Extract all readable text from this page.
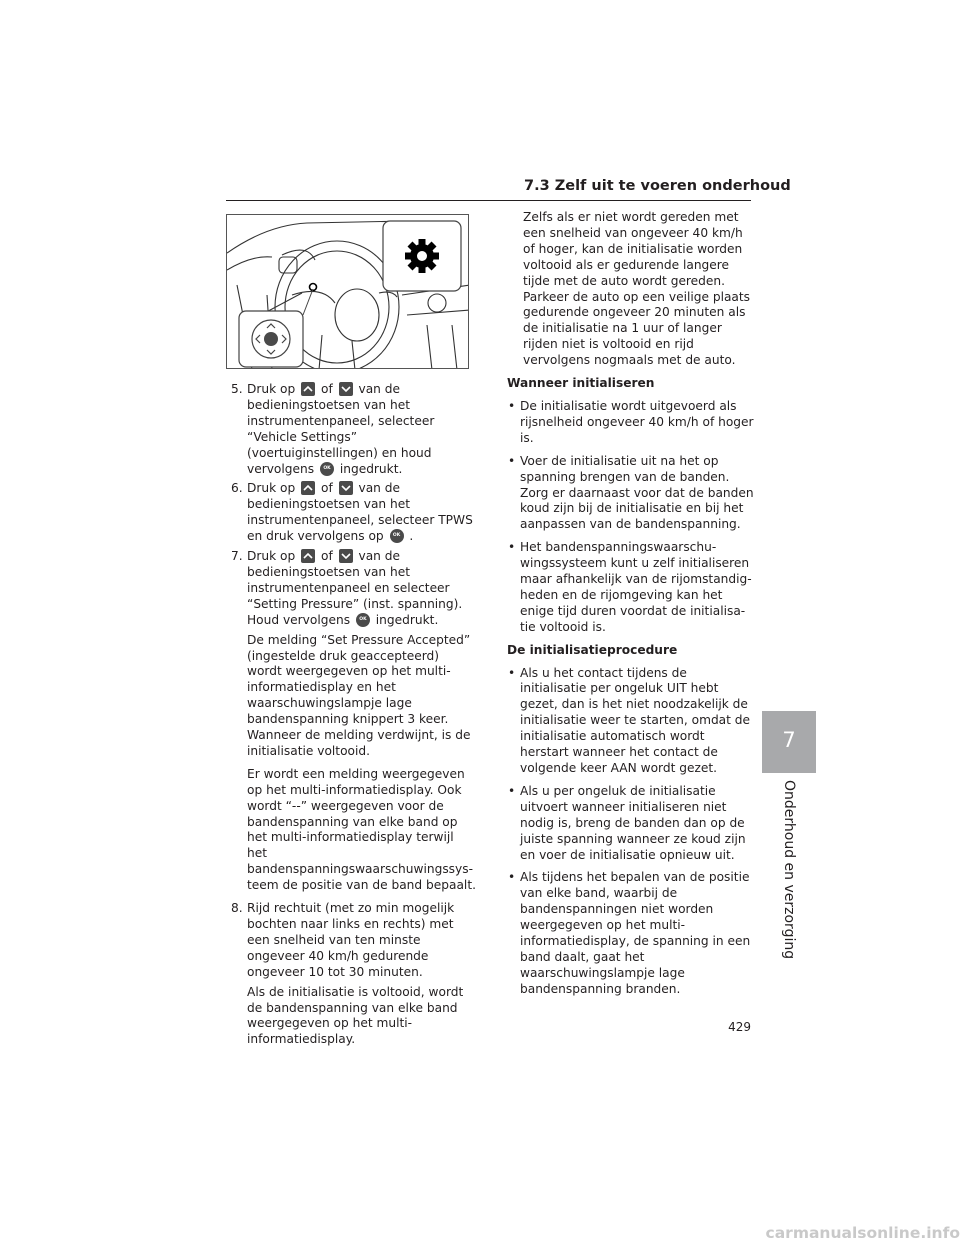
7.3 Zelf uit te voeren onderhoud
5. Druk op of van de bedieningstoetsen van het instrumentenpaneel, selecteer “Vehicle Settings” (voertuiginstellingen) en houd vervolgens	OK ingedrukt.
6. Druk op of van de bedieningstoetsen van het instrumentenpaneel, selecteer TPWS en druk vervolgens op	OK .
7. Druk op of van de bedieningstoetsen van het instrumentenpaneel en selecteer “Setting Pressure” (inst. spanning). Houd vervolgens	OK ingedrukt.

De melding “Set Pressure Accepted” (ingestelde druk geaccepteerd) wordt weergegeven op het multi-informatiedisplay en het waarschuwingslampje lage bandenspanning knippert 3 keer. Wanneer de melding verdwijnt, is de initialisatie voltooid.

Er wordt een melding weergegeven op het multi-informatiedisplay. Ook wordt “--” weergegeven voor de bandenspanning van elke band op het multi-informatiedisplay terwijl het bandenspanningswaarschuwingssys-teem de positie van de band bepaalt.

8. Rijd rechtuit (met zo min mogelijk bochten naar links en rechts) met een snelheid van ten minste ongeveer 40 km/h gedurende ongeveer 10 tot 30 minuten.

Als de initialisatie is voltooid, wordt de bandenspanning van elke band weergegeven op het multi-informatiedisplay.

Zelfs als er niet wordt gereden met een snelheid van ongeveer 40 km/h of hoger, kan de initialisatie worden voltooid als er gedurende langere tijde met de auto wordt gereden. Parkeer de auto op een veilige plaats gedurende ongeveer 20 minuten als de initialisatie na 1 uur of langer rijden niet is voltooid en rijd vervolgens nogmaals met de auto.

Wanneer initialiseren
• De initialisatie wordt uitgevoerd als rijsnelheid ongeveer 40 km/h of hoger is.
• Voer de initialisatie uit na het op spanning brengen van de banden. Zorg er daarnaast voor dat de banden koud zijn bij de initialisatie en bij het aanpassen van de bandenspanning.
• Het bandenspanningswaarschu-wingssysteem kunt u zelf initialiseren maar afhankelijk van de rijomstandig-heden en de rijomgeving kan het enige tijd duren voordat de initialisa-tie voltooid is.
De initialisatieprocedure
• Als u het contact tijdens de initialisatie per ongeluk UIT hebt gezet, dan is het niet noodzakelijk de initialisatie weer te starten, omdat de initialisatie automatisch wordt herstart wanneer het contact de volgende keer AAN wordt gezet.
• Als u per ongeluk de initialisatie uitvoert wanneer initialiseren niet nodig is, breng de banden dan op de juiste spanning wanneer ze koud zijn en voer de initialisatie opnieuw uit.
• Als tijdens het bepalen van de positie van elke band, waarbij de bandenspanningen niet worden weergegeven op het multi-informatiedisplay, de spanning in een band daalt, gaat het waarschuwingslampje lage bandenspanning branden.
7
Onderhoud en verzorging
429
carmanualsonline.info
